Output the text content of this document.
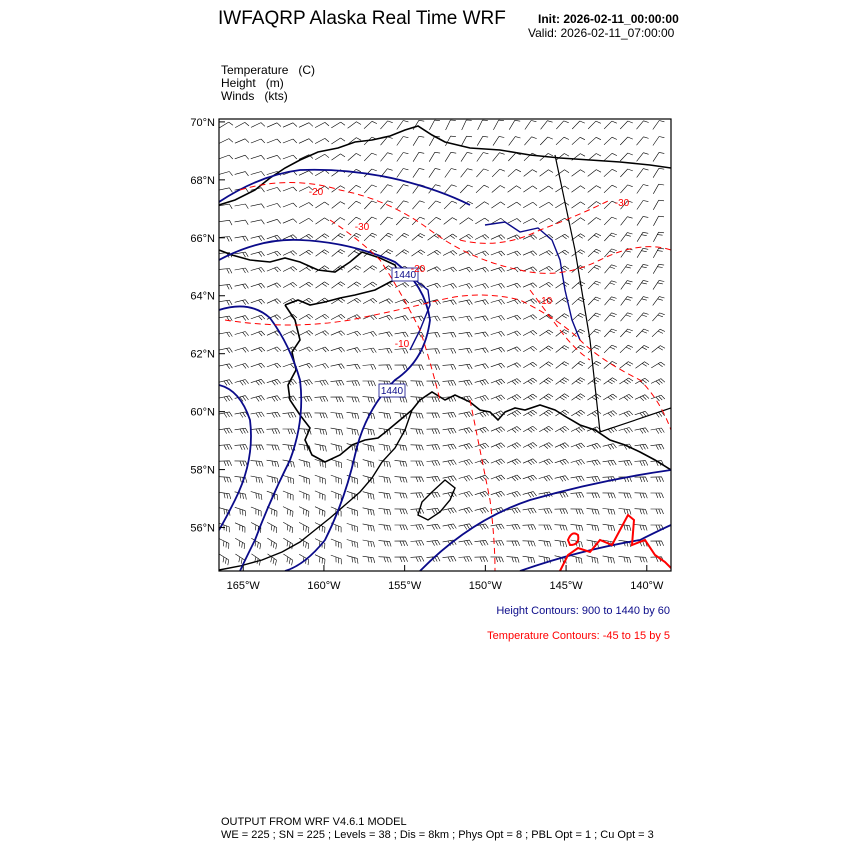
IWFAQRP Alaska Real Time WRF	Init: 2026-02-11_00:00:00
Valid: 2026-02-11_07:00:00
Temperature (C)
Height (m)
Winds (kts)
1440
1440
-20
-30
-20
-10
-10
-30
70°N
68°N
66°N
64°N
62°N
60°N
58°N
56°N
165°W	160°W	155°W	150°W	145°W	140°W
Height Contours: 900 to 1440 by 60
Temperature Contours: -45 to 15 by 5
OUTPUT FROM WRF V4.6.1 MODEL
WE = 225 ; SN = 225 ; Levels = 38 ; Dis = 8km ; Phys Opt = 8 ; PBL Opt = 1 ; Cu Opt = 3
